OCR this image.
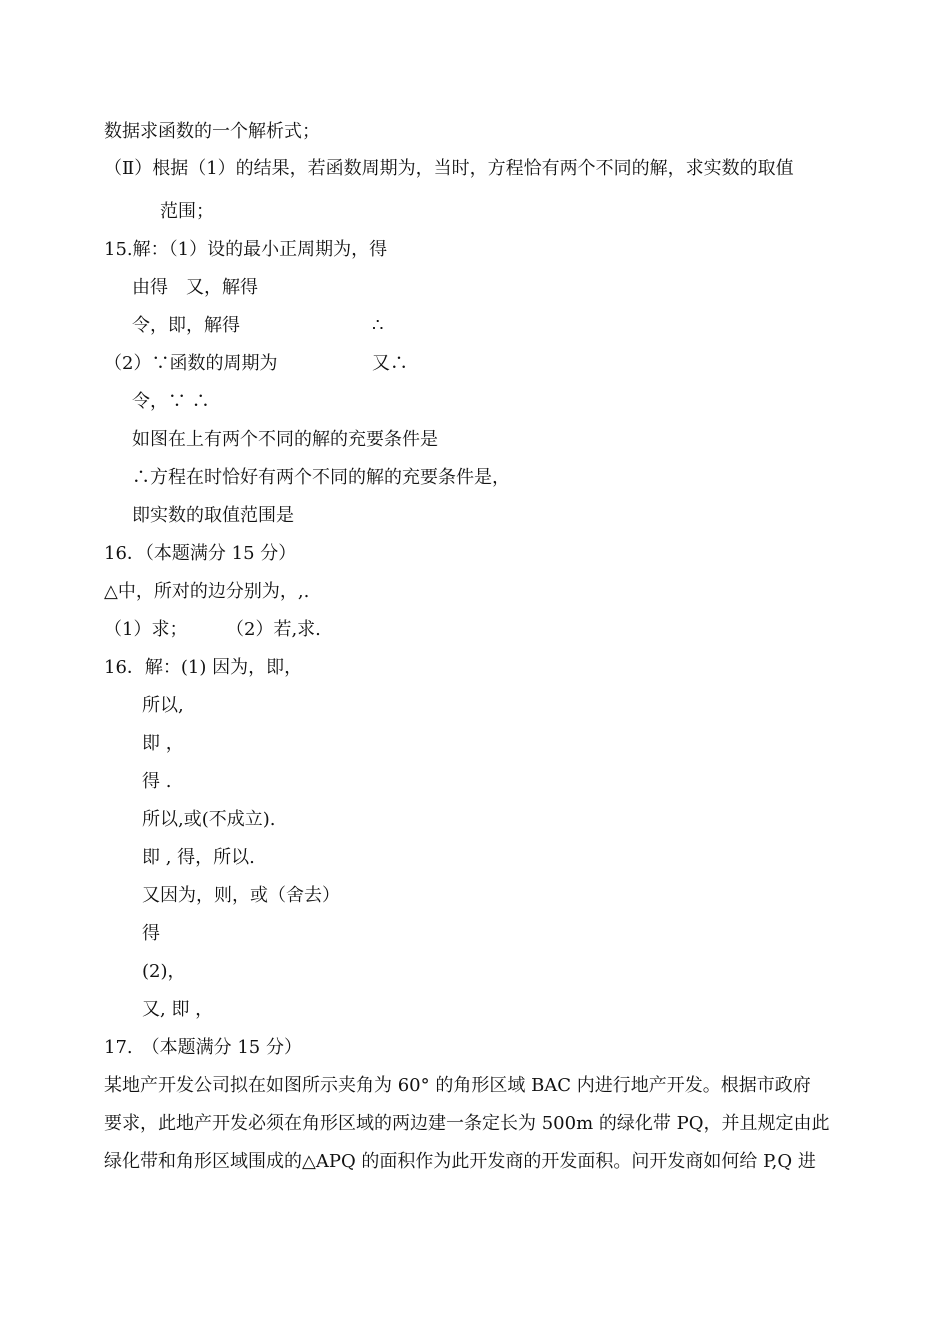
数据求函数的一个解析式；
（Ⅱ）根据（1）的结果，若函数周期为，当时，方程恰有两个不同的解，求实数的取值
范围；
15.解：（1）设的最小正周期为，得
由得　又，解得
令，即，解得	∴
（2）∵函数的周期为	又∴
令，∵ ∴
如图在上有两个不同的解的充要条件是
∴方程在时恰好有两个不同的解的充要条件是，
即实数的取值范围是
16．（本题满分 15 分）
△中，所对的边分别为，,.
（1）求； （2）若,求.
16．解：(1) 因为，即，
所以,
即 ，
得 .
所以,或(不成立).
即 , 得，所以.
又因为，则，或（舍去）
得
(2)，
又, 即 ，
17.　（本题满分 15 分）
某地产开发公司拟在如图所示夹角为 60° 的角形区域 BAC 内进行地产开发。根据市政府
要求，此地产开发必须在角形区域的两边建一条定长为 500m 的绿化带 PQ，并且规定由此
绿化带和角形区域围成的△APQ 的面积作为此开发商的开发面积。问开发商如何给 P,Q 进
